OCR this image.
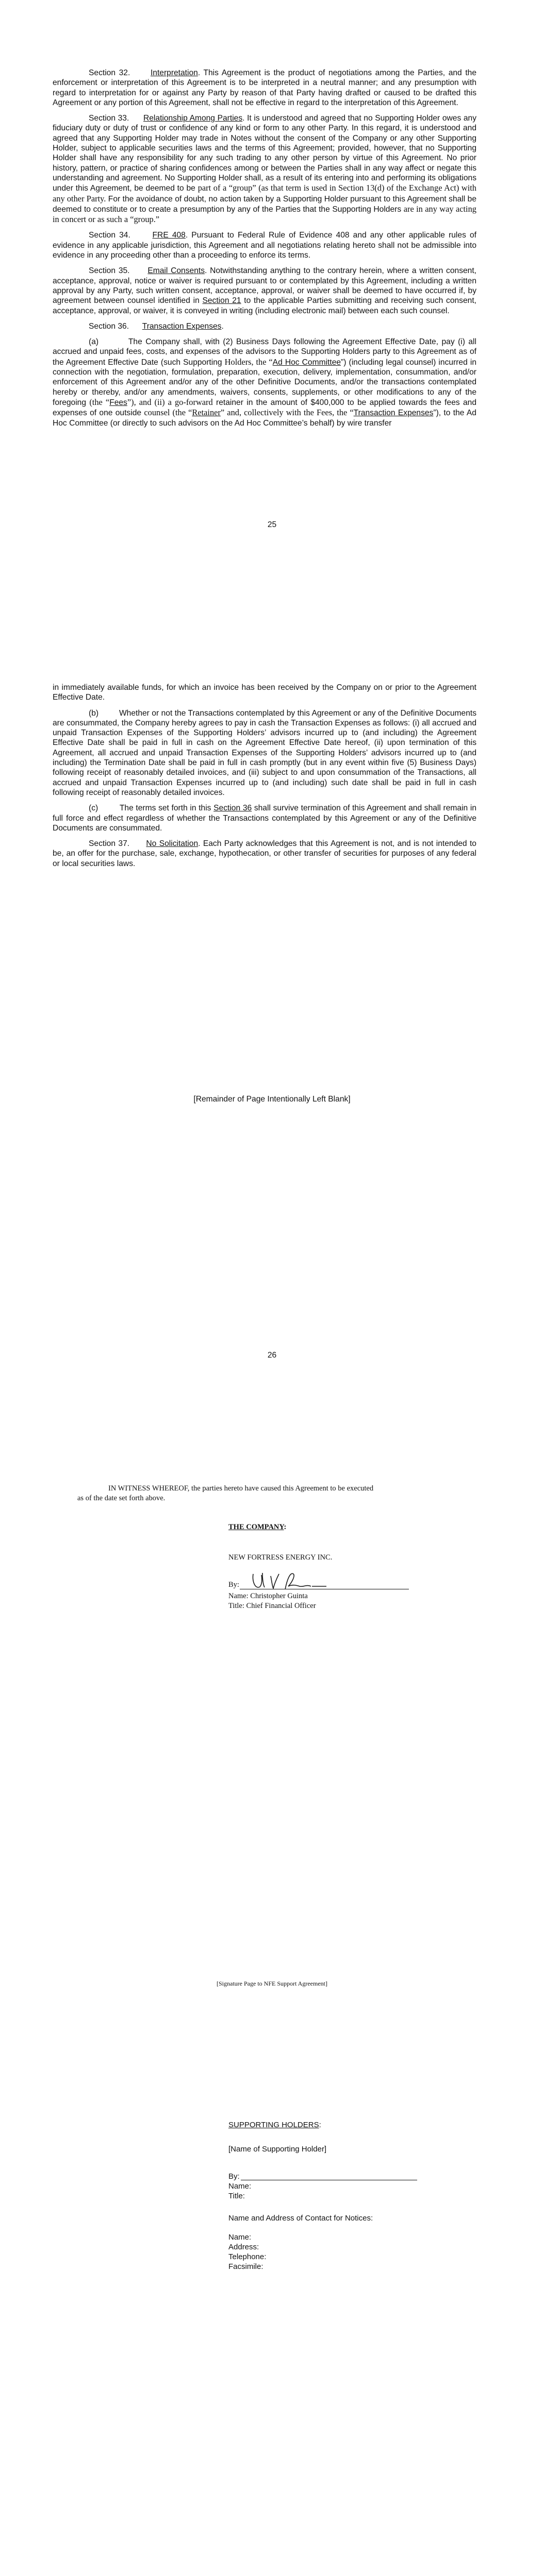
Section 32.	Interpretation. This Agreement is the product of negotiations among the Parties, and the enforcement or interpretation of this Agreement is to be interpreted in a neutral manner; and any presumption with regard to interpretation for or against any Party by reason of that Party having drafted or caused to be drafted this Agreement or any portion of this Agreement, shall not be effective in regard to the interpretation of this Agreement.

Section 33. Relationship Among Parties. It is understood and agreed that no Supporting Holder owes any fiduciary duty or duty of trust or confidence of any kind or form to any other Party. In this regard, it is understood and agreed that any Supporting Holder may trade in Notes without the consent of the Company or any other Supporting Holder, subject to applicable securities laws and the terms of this Agreement; provided, however, that no Supporting Holder shall have any responsibility for any such trading to any other person by virtue of this Agreement. No prior history, pattern, or practice of sharing confidences among or between the Parties shall in any way affect or negate this understanding and agreement. No Supporting Holder shall, as a result of its entering into and performing its obligations under this Agreement, be deemed to be part of a “group” (as that term is used in Section 13(d) of the Exchange Act) with any other Party. For the avoidance of doubt, no action taken by a Supporting Holder pursuant to this Agreement shall be deemed to constitute or to create a presumption by any of the Parties that the Supporting Holders are in any way acting in concert or as such a “group.”

Section 34.	FRE 408. Pursuant to Federal Rule of Evidence 408 and any other applicable rules of evidence in any applicable jurisdiction, this Agreement and all negotiations relating hereto shall not be admissible into evidence in any proceeding other than a proceeding to enforce its terms.

Section 35. Email Consents. Notwithstanding anything to the contrary herein, where a written consent, acceptance, approval, notice or waiver is required pursuant to or contemplated by this Agreement, including a written approval by any Party, such written consent, acceptance, approval, or waiver shall be deemed to have occurred if, by agreement between counsel identified in Section 21 to the applicable Parties submitting and receiving such consent, acceptance, approval, or waiver, it is conveyed in writing (including electronic mail) between each such counsel.

Section 36. Transaction Expenses.

(a)	The Company shall, with (2) Business Days following the Agreement Effective Date, pay (i) all accrued and unpaid fees, costs, and expenses of the advisors to the Supporting Holders party to this Agreement as of the Agreement Effective Date (such Supporting Holders, the “Ad Hoc Committee”) (including legal counsel) incurred in connection with the negotiation, formulation, preparation, execution, delivery, implementation, consummation, and/or enforcement of this Agreement and/or any of the other Definitive Documents, and/or the transactions contemplated hereby or thereby, and/or any amendments, waivers, consents, supplements, or other modifications to any of the foregoing (the “Fees”), and (ii) a go-forward retainer in the amount of $400,000 to be applied towards the fees and expenses of one outside counsel (the “Retainer” and, collectively with the Fees, the “Transaction Expenses”), to the Ad Hoc Committee (or directly to such advisors on the Ad Hoc Committee’s behalf) by wire transfer

25

in immediately available funds, for which an invoice has been received by the Company on or prior to the Agreement Effective Date.

(b)	Whether or not the Transactions contemplated by this Agreement or any of the Definitive Documents are consummated, the Company hereby agrees to pay in cash the Transaction Expenses as follows: (i) all accrued and unpaid Transaction Expenses of the Supporting Holders’ advisors incurred up to (and including) the Agreement Effective Date shall be paid in full in cash on the Agreement Effective Date hereof, (ii) upon termination of this Agreement, all accrued and unpaid Transaction Expenses of the Supporting Holders’ advisors incurred up to (and including) the Termination Date shall be paid in full in cash promptly (but in any event within five (5) Business Days) following receipt of reasonably detailed invoices, and (iii) subject to and upon consummation of the Transactions, all accrued and unpaid Transaction Expenses incurred up to (and including) such date shall be paid in full in cash following receipt of reasonably detailed invoices.

(c)	The terms set forth in this Section 36 shall survive termination of this Agreement and shall remain in full force and effect regardless of whether the Transactions contemplated by this Agreement or any of the Definitive Documents are consummated.

Section 37. No Solicitation. Each Party acknowledges that this Agreement is not, and is not intended to be, an offer for the purchase, sale, exchange, hypothecation, or other transfer of securities for purposes of any federal or local securities laws.

[Remainder of Page Intentionally Left Blank]
26
IN WITNESS WHEREOF, the parties hereto have caused this Agreement to be executed
as of the date set forth above.
THE COMPANY:
NEW FORTRESS ENERGY INC.
By:
Name: Christopher Guinta
Title: Chief Financial Officer
[Signature Page to NFE Support Agreement]
SUPPORTING HOLDERS:
[Name of Supporting Holder]
By:
Name:
Title:
Name and Address of Contact for Notices:
Name:
Address:
Telephone:
Facsimile:
